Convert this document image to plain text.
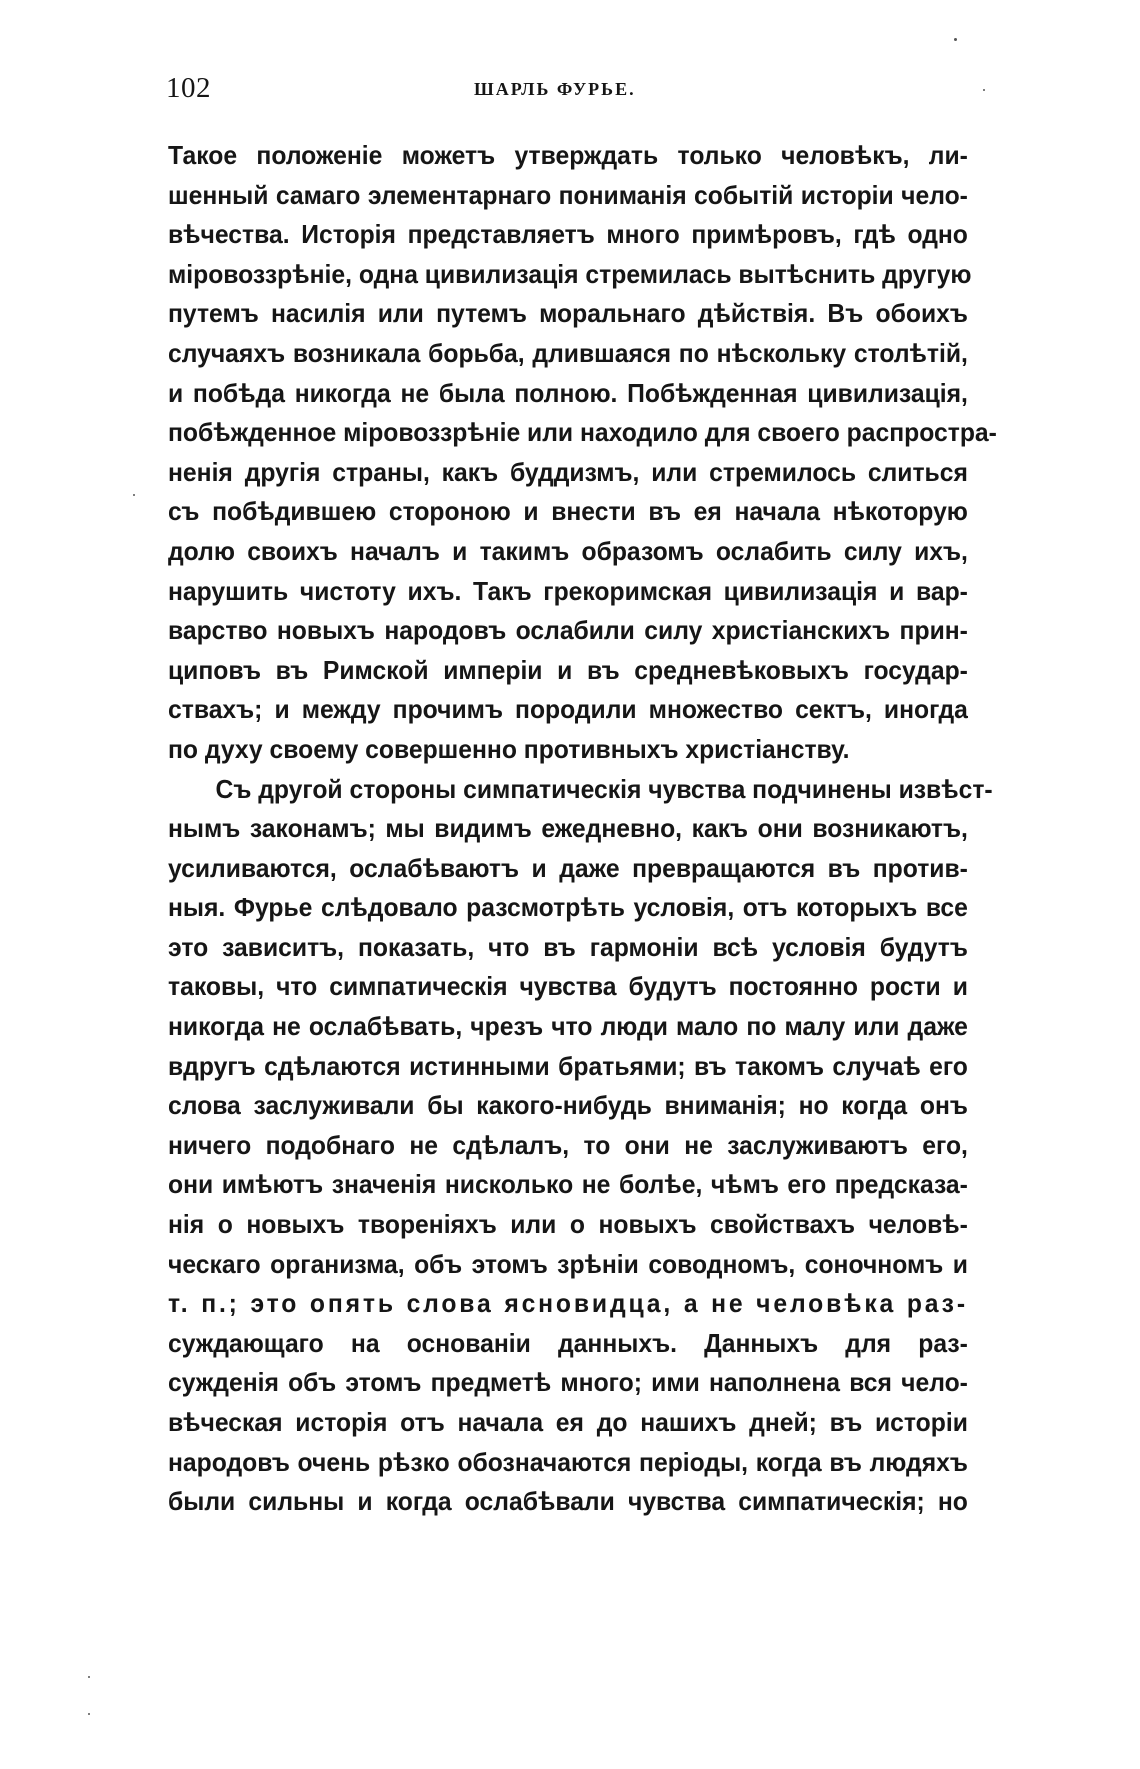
102	ШАРЛЬ ФУРЬЕ.
Такое положеніе можетъ утверждать только человѣкъ, ли-
шенный самаго элементарнаго пониманія событій исторіи чело-
вѣчества. Исторія представляетъ много примѣровъ, гдѣ одно
міровоззрѣніе, одна цивилизація стремилась вытѣснить другую
путемъ насилія или путемъ моральнаго дѣйствія. Въ обоихъ
случаяхъ возникала борьба, длившаяся по нѣскольку столѣтій,
и побѣда никогда не была полною. Побѣжденная цивилизація,
побѣжденное міровоззрѣніе или находило для своего распростра-
ненія другія страны, какъ буддизмъ, или стремилось слиться
съ побѣдившею стороною и внести въ ея начала нѣкоторую
долю своихъ началъ и такимъ образомъ ослабить силу ихъ,
нарушить чистоту ихъ. Такъ грекоримская цивилизація и вар-
варство новыхъ народовъ ослабили силу христіанскихъ прин-
циповъ въ Римской имперіи и въ средневѣковыхъ государ-
ствахъ; и между прочимъ породили множество сектъ, иногда
по духу своему совершенно противныхъ христіанству.
Съ другой стороны симпатическія чувства подчинены извѣст-
нымъ законамъ; мы видимъ ежедневно, какъ они возникаютъ,
усиливаются, ослабѣваютъ и даже превращаются въ против-
ныя. Фурье слѣдовало разсмотрѣть условія, отъ которыхъ все
это зависитъ, показать, что въ гармоніи всѣ условія будутъ
таковы, что симпатическія чувства будутъ постоянно рости и
никогда не ослабѣвать, чрезъ что люди мало по малу или даже
вдругъ сдѣлаются истинными братьями; въ такомъ случаѣ его
слова заслуживали бы какого-нибудь вниманія; но когда онъ
ничего подобнаго не сдѣлалъ, то они не заслуживаютъ его,
они имѣютъ значенія нисколько не болѣе, чѣмъ его предсказа-
нія о новыхъ твореніяхъ или о новыхъ свойствахъ человѣ-
ческаго организма, объ этомъ зрѣніи соводномъ, соночномъ и
т. п.; это опять слова ясновидца, а не человѣка раз-
суждающаго на основаніи данныхъ. Данныхъ для раз-
сужденія объ этомъ предметѣ много; ими наполнена вся чело-
вѣческая исторія отъ начала ея до нашихъ дней; въ исторіи
народовъ очень рѣзко обозначаются періоды, когда въ людяхъ
были сильны и когда ослабѣвали чувства симпатическія; но
